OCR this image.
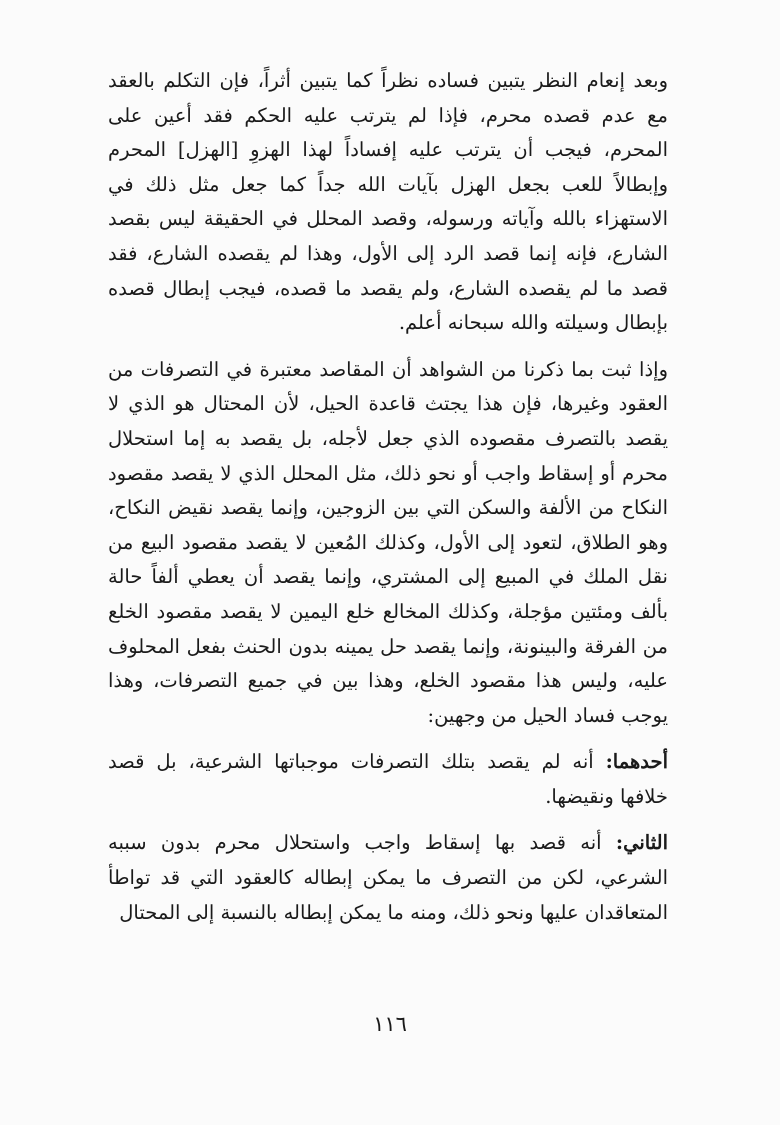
وبعد إنعام النظر يتبين فساده نظراً كما يتبين أثراً، فإن التكلم بالعقد مع عدم قصده محرم، فإذا لم يترتب عليه الحكم فقد أعين على المحرم، فيجب أن يترتب عليه إفساداً لهذا الهزوِ [الهزل] المحرم وإبطالاً للعب بجعل الهزل بآيات الله جداً كما جعل مثل ذلك في الاستهزاء بالله وآياته ورسوله، وقصد المحلل في الحقيقة ليس بقصد الشارع، فإنه إنما قصد الرد إلى الأول، وهذا لم يقصده الشارع، فقد قصد ما لم يقصده الشارع، ولم يقصد ما قصده، فيجب إبطال قصده بإبطال وسيلته والله سبحانه أعلم.

وإذا ثبت بما ذكرنا من الشواهد أن المقاصد معتبرة في التصرفات من العقود وغيرها، فإن هذا يجتث قاعدة الحيل، لأن المحتال هو الذي لا يقصد بالتصرف مقصوده الذي جعل لأجله، بل يقصد به إما استحلال محرم أو إسقاط واجب أو نحو ذلك، مثل المحلل الذي لا يقصد مقصود النكاح من الألفة والسكن التي بين الزوجين، وإنما يقصد نقيض النكاح، وهو الطلاق، لتعود إلى الأول، وكذلك المُعين لا يقصد مقصود البيع من نقل الملك في المبيع إلى المشتري، وإنما يقصد أن يعطي ألفاً حالة بألف ومئتين مؤجلة، وكذلك المخالع خلع اليمين لا يقصد مقصود الخلع من الفرقة والبينونة، وإنما يقصد حل يمينه بدون الحنث بفعل المحلوف عليه، وليس هذا مقصود الخلع، وهذا بين في جميع التصرفات، وهذا يوجب فساد الحيل من وجهين:

أحدهما: أنه لم يقصد بتلك التصرفات موجباتها الشرعية، بل قصد خلافها ونقيضها.

الثاني: أنه قصد بها إسقاط واجب واستحلال محرم بدون سببه الشرعي، لكن من التصرف ما يمكن إبطاله كالعقود التي قد تواطأ المتعاقدان عليها ونحو ذلك، ومنه ما يمكن إبطاله بالنسبة إلى المحتال

١١٦
